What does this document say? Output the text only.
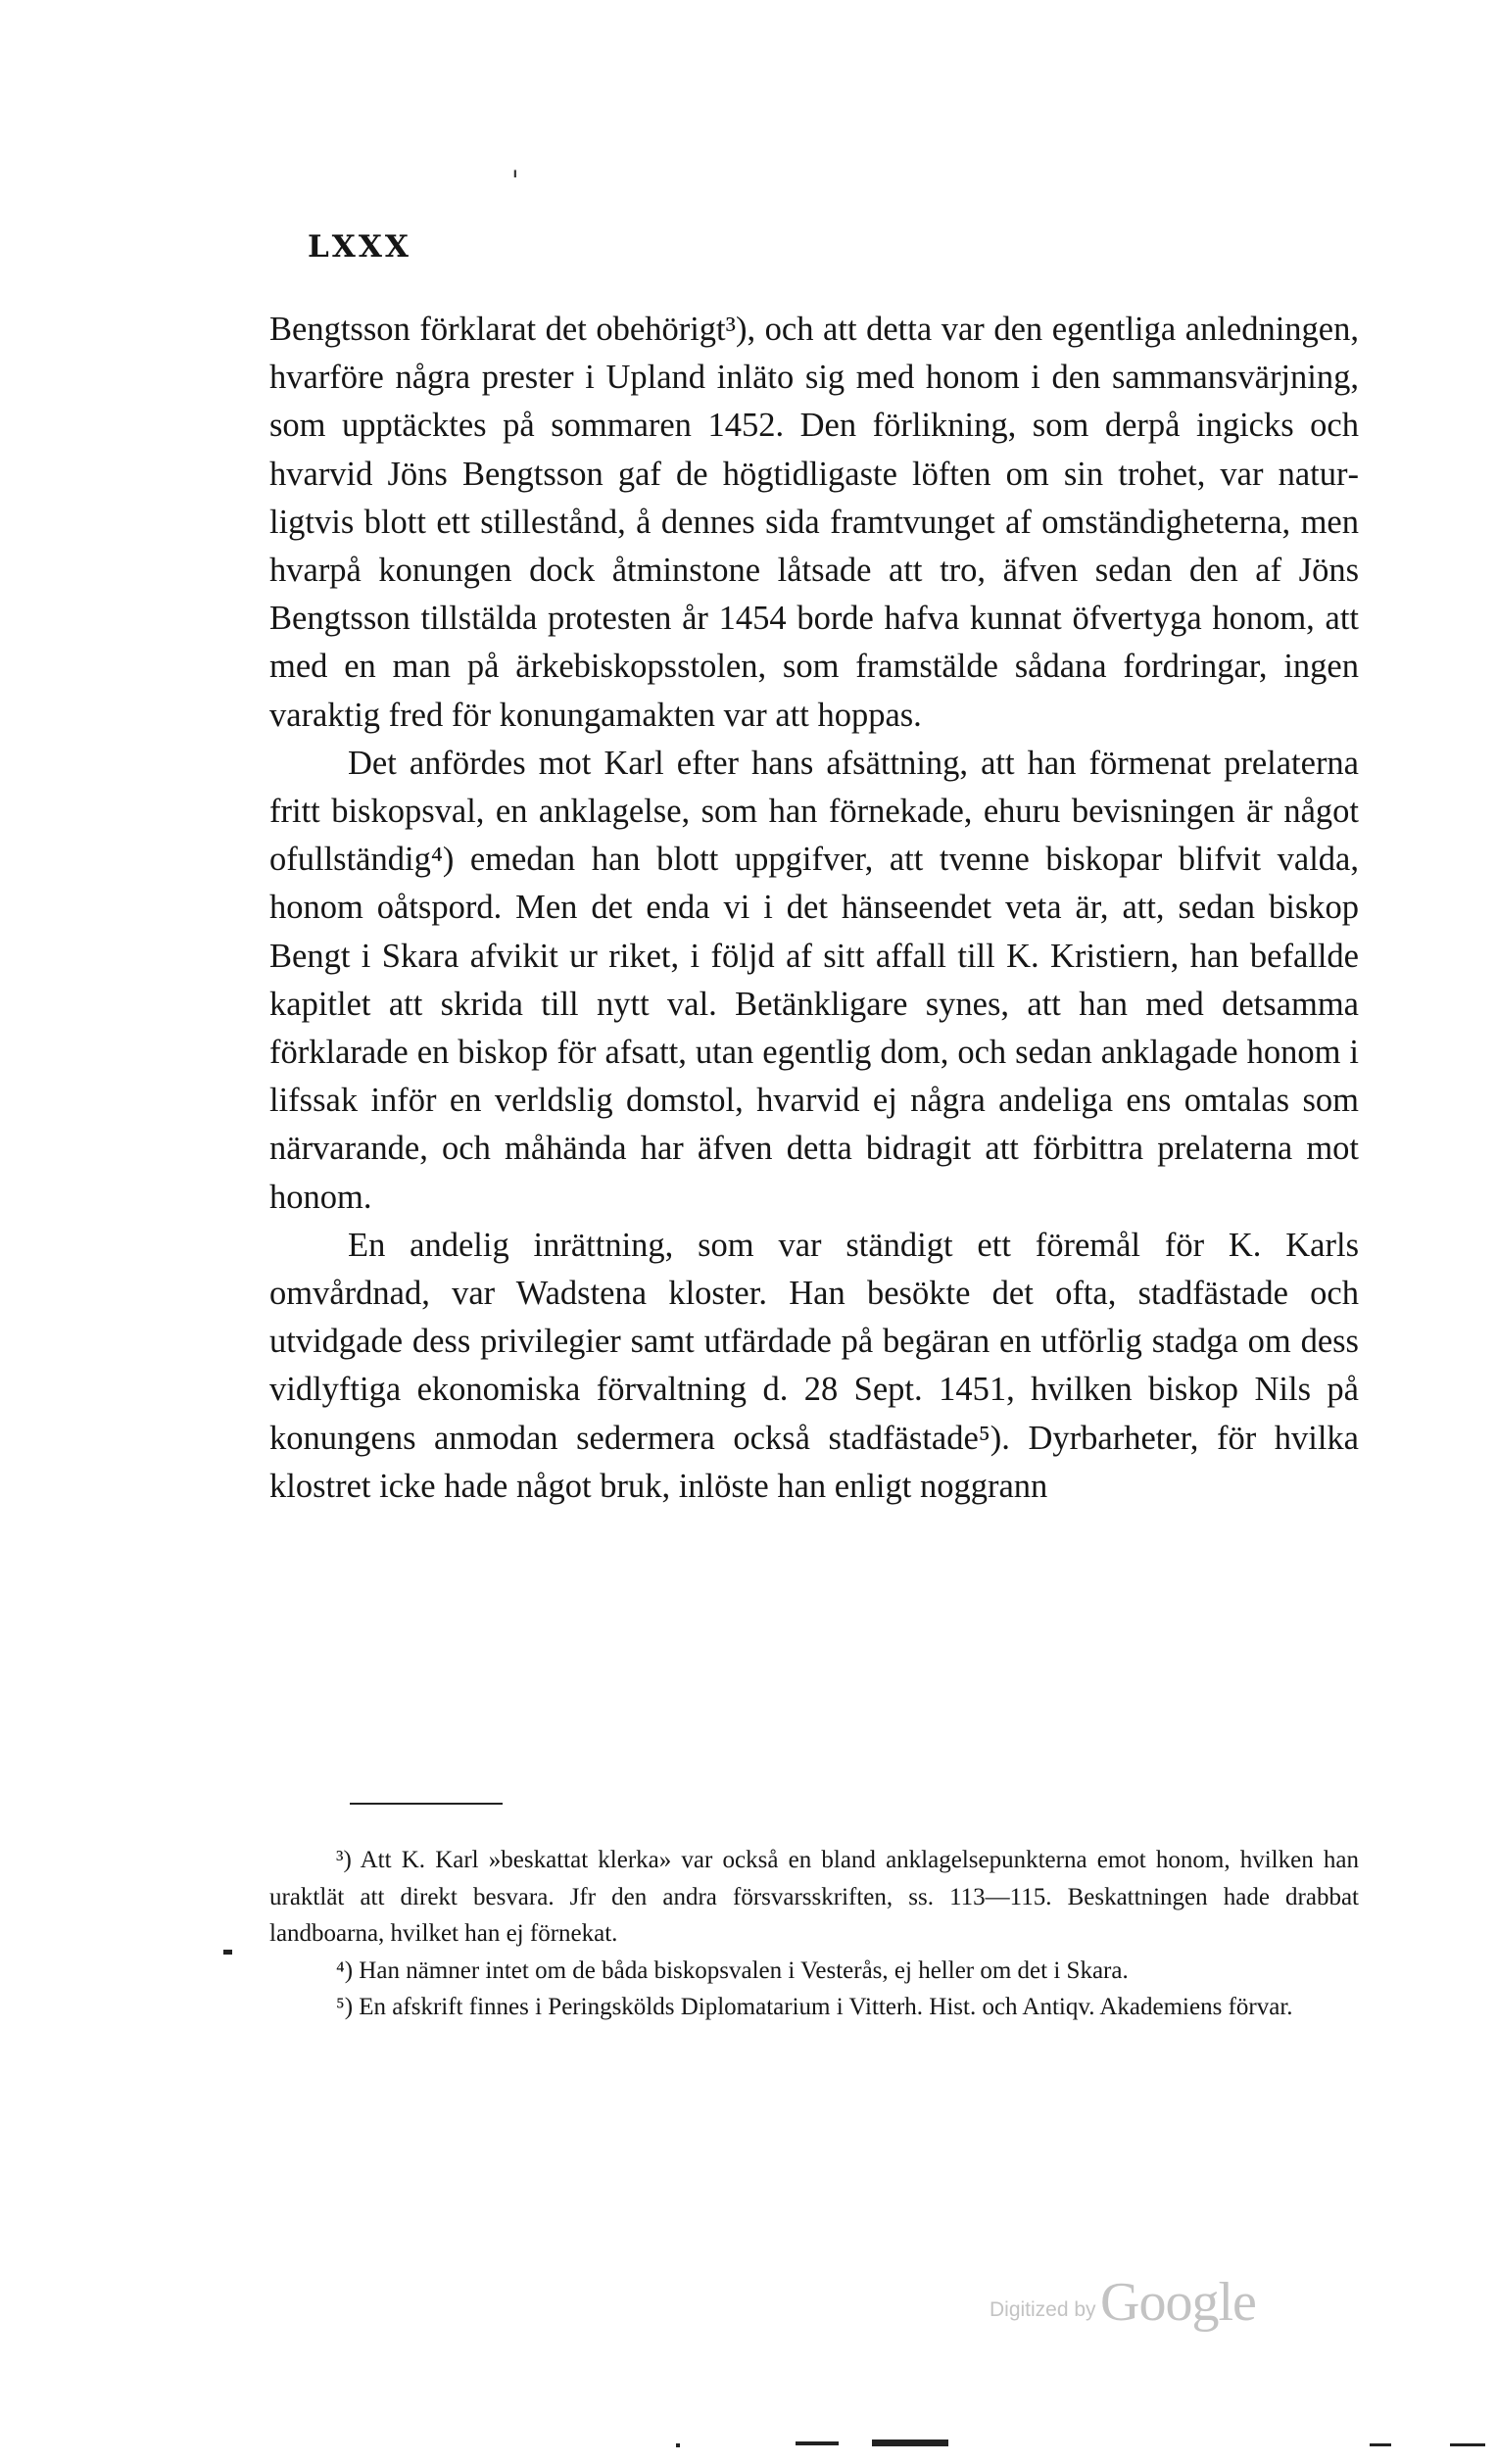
'
LXXX

Bengtsson förklarat det obehörigt³), och att detta var den egentliga anledningen, hvarföre några prester i Upland inläto sig med honom i den sammansvärjning, som upptäcktes på sommaren 1452. Den förlikning, som derpå ingicks och hvarvid Jöns Bengtsson gaf de högtidligaste löften om sin trohet, var naturligtvis blott ett stillestånd, å dennes sida framtvunget af omständigheterna, men hvarpå konungen dock åtminstone låtsade att tro, äfven sedan den af Jöns Bengtsson tillstälda protesten år 1454 borde hafva kunnat öfvertyga honom, att med en man på ärkebiskopsstolen, som framstälde sådana fordringar, ingen varaktig fred för konungamakten var att hoppas.

Det anfördes mot Karl efter hans afsättning, att han förmenat prelaterna fritt biskopsval, en anklagelse, som han förnekade, ehuru bevisningen är något ofullständig⁴) emedan han blott uppgifver, att tvenne biskopar blifvit valda, honom oåtspord. Men det enda vi i det hänseendet veta är, att, sedan biskop Bengt i Skara afvikit ur riket, i följd af sitt affall till K. Kristiern, han befallde kapitlet att skrida till nytt val. Betänkligare synes, att han med detsamma förklarade en biskop för afsatt, utan egentlig dom, och sedan anklagade honom i lifssak inför en verldslig domstol, hvarvid ej några andeliga ens omtalas som närvarande, och måhända har äfven detta bidragit att förbittra prelaterna mot honom.

En andelig inrättning, som var ständigt ett föremål för K. Karls omvårdnad, var Wadstena kloster. Han besökte det ofta, stadfästade och utvidgade dess privilegier samt utfärdade på begäran en utförlig stadga om dess vidlyftiga ekonomiska förvaltning d. 28 Sept. 1451, hvilken biskop Nils på konungens anmodan sedermera också stadfästade⁵). Dyrbarheter, för hvilka klostret icke hade något bruk, inlöste han enligt noggrann

³) Att K. Karl »beskattat klerka» var också en bland anklagelsepunkterna emot honom, hvilken han uraktlät att direkt besvara. Jfr den andra försvarsskriften, ss. 113—115. Beskattningen hade drabbat landboarna, hvilket han ej förnekat.

⁴) Han nämner intet om de båda biskopsvalen i Vesterås, ej heller om det i Skara.

⁵) En afskrift finnes i Peringskölds Diplomatarium i Vitterh. Hist. och Antiqv. Akademiens förvar.

Digitized by Google
